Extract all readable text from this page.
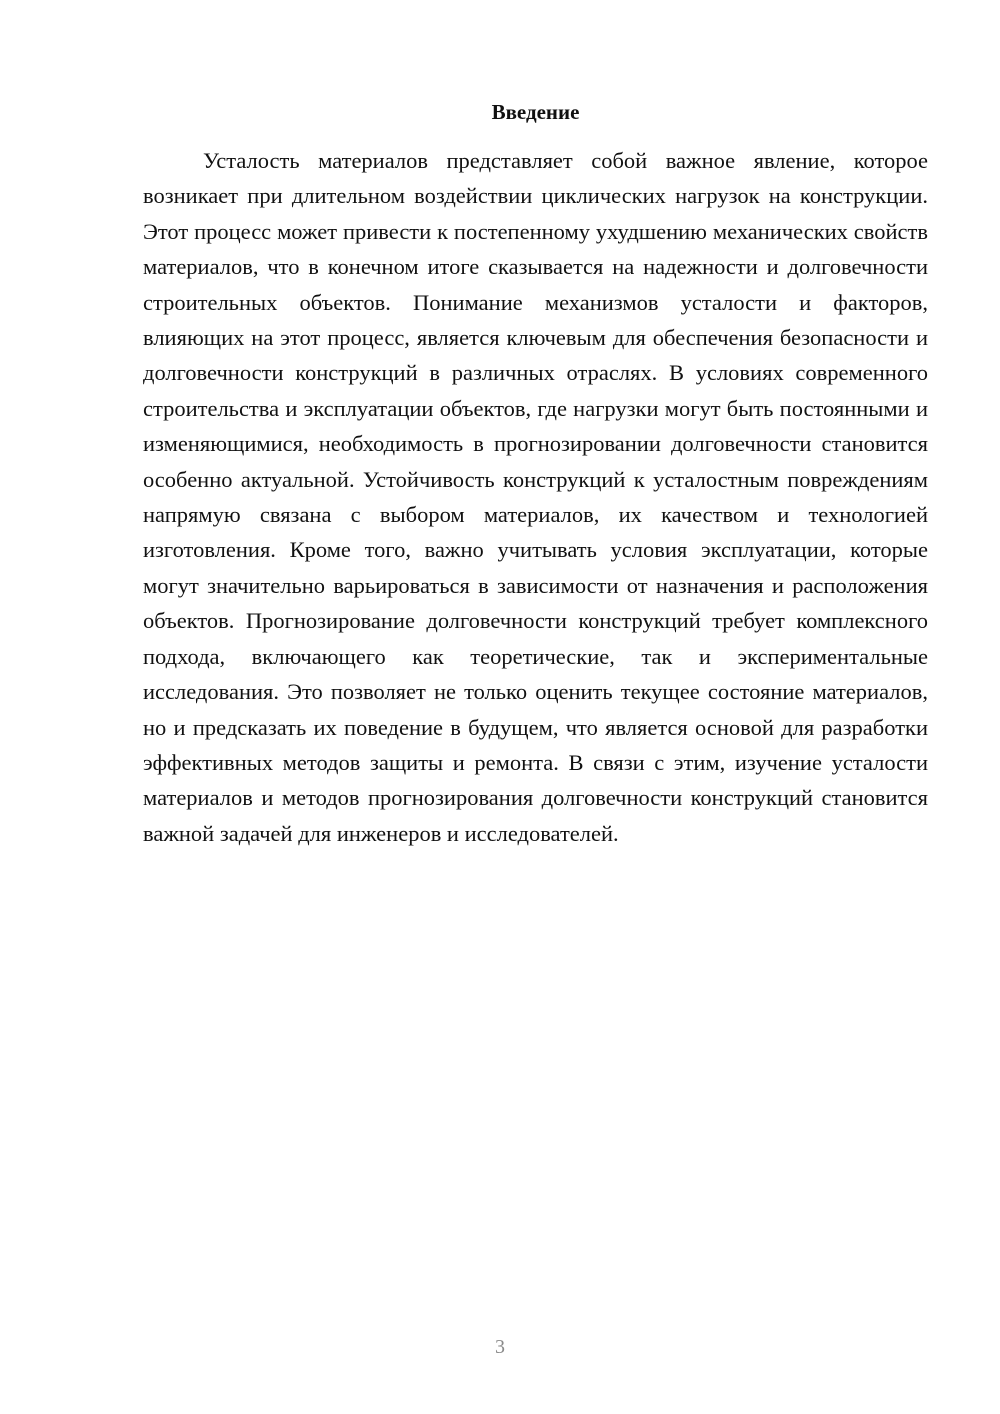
Введение

Усталость материалов представляет собой важное явление, которое возникает при длительном воздействии циклических нагрузок на конструкции. Этот процесс может привести к постепенному ухудшению механических свойств материалов, что в конечном итоге сказывается на надежности и долговечности строительных объектов. Понимание механизмов усталости и факторов, влияющих на этот процесс, является ключевым для обеспечения безопасности и долговечности конструкций в различных отраслях. В условиях современного строительства и эксплуатации объектов, где нагрузки могут быть постоянными и изменяющимися, необходимость в прогнозировании долговечности становится особенно актуальной. Устойчивость конструкций к усталостным повреждениям напрямую связана с выбором материалов, их качеством и технологией изготовления. Кроме того, важно учитывать условия эксплуатации, которые могут значительно варьироваться в зависимости от назначения и расположения объектов. Прогнозирование долговечности конструкций требует комплексного подхода, включающего как теоретические, так и экспериментальные исследования. Это позволяет не только оценить текущее состояние материалов, но и предсказать их поведение в будущем, что является основой для разработки эффективных методов защиты и ремонта. В связи с этим, изучение усталости материалов и методов прогнозирования долговечности конструкций становится важной задачей для инженеров и исследователей.

3
